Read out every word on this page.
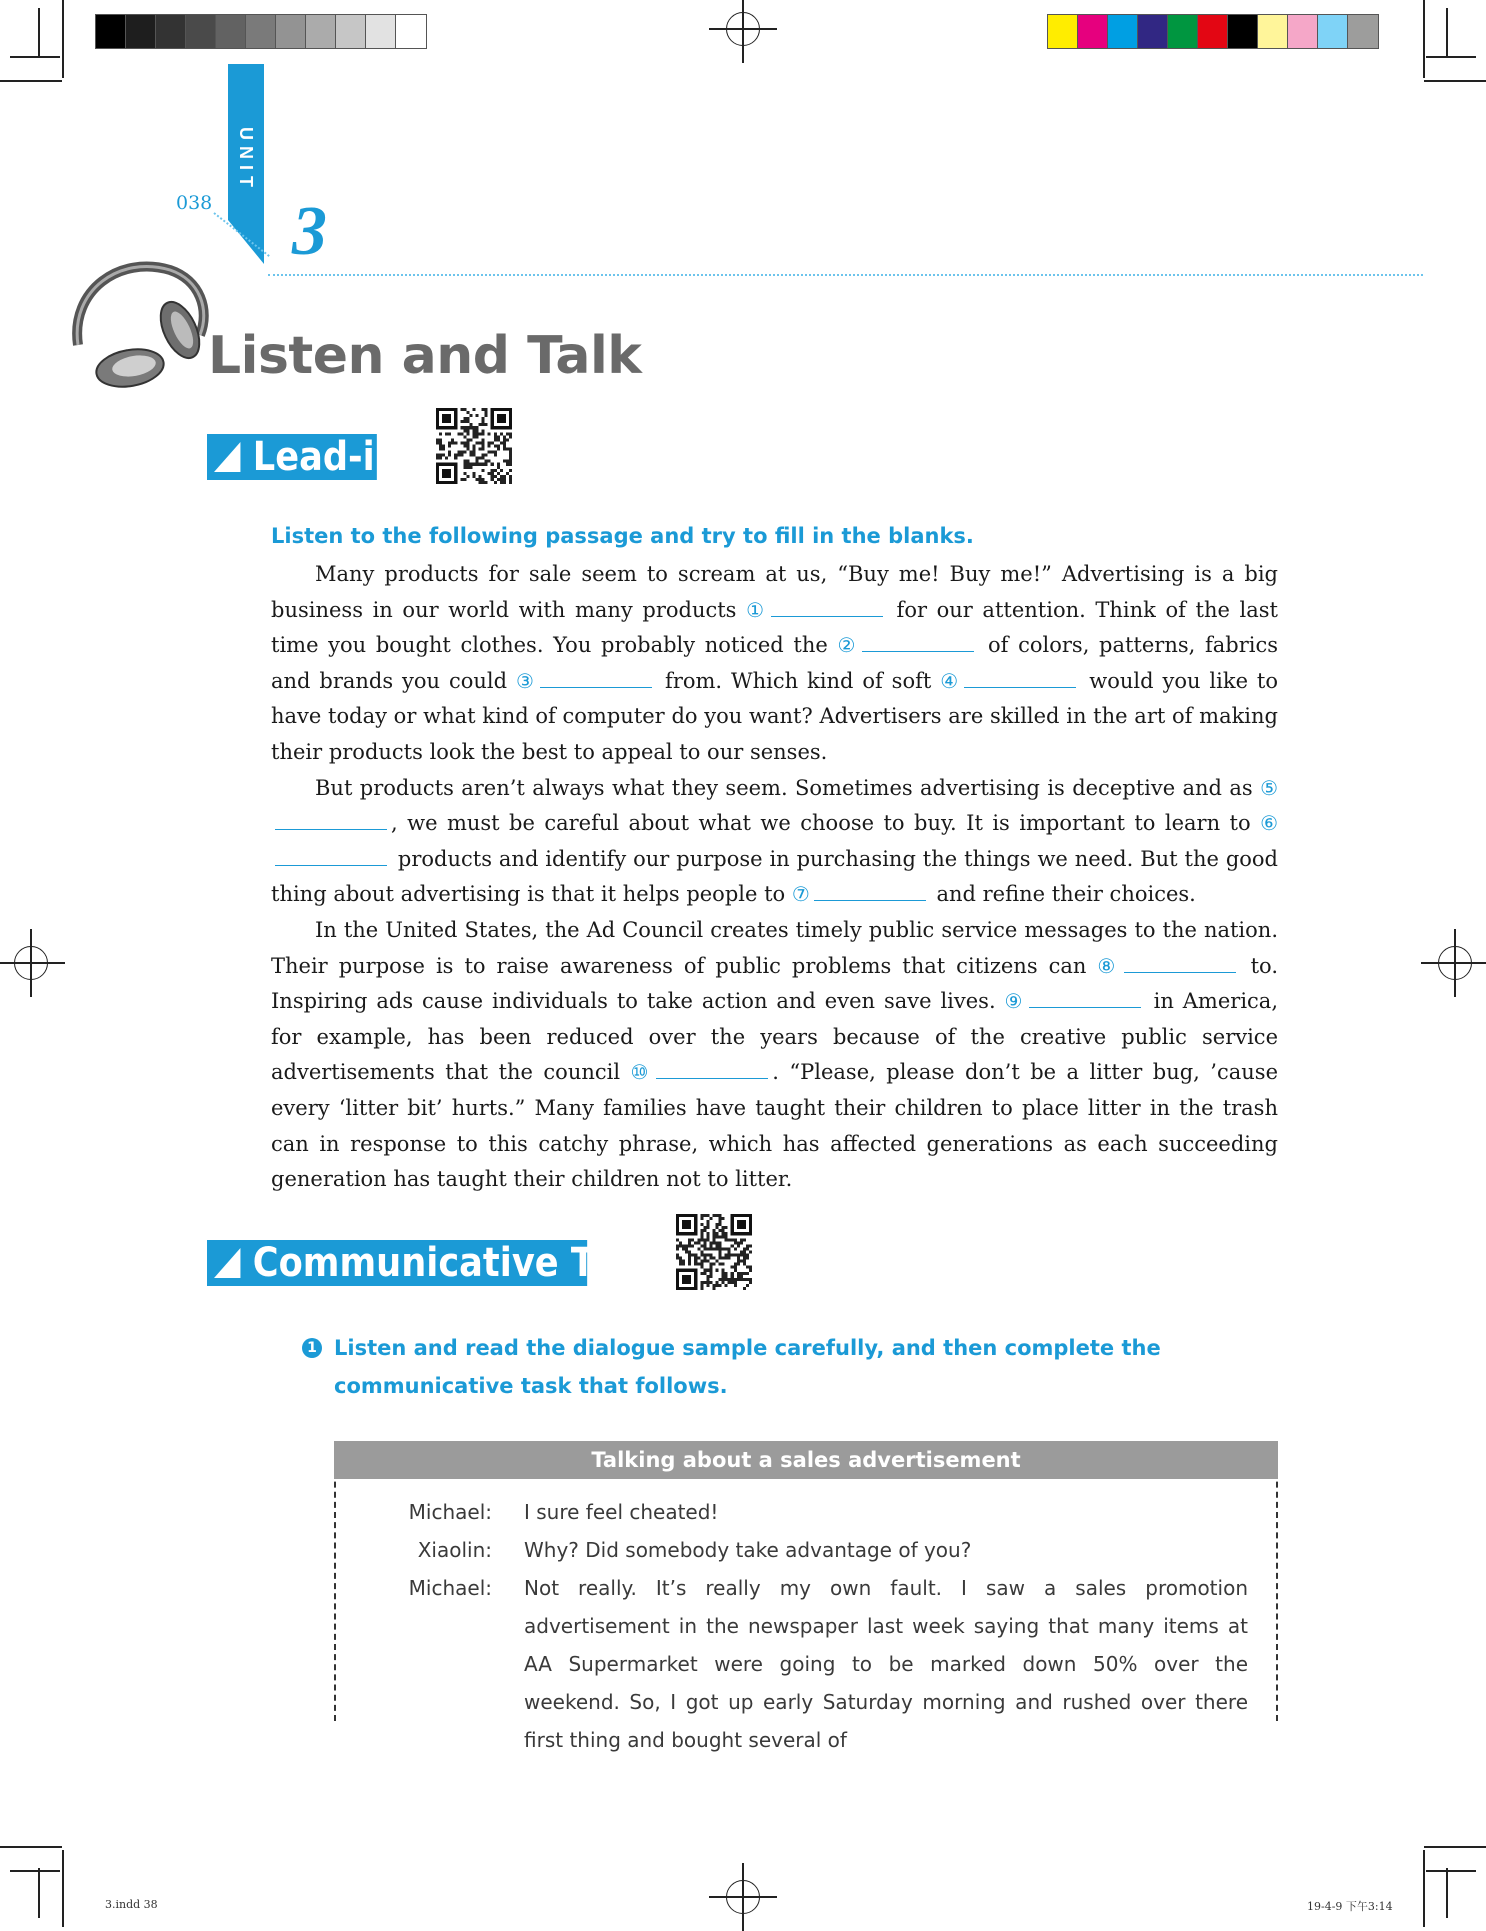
UNIT
038 3
Listen and Talk
Lead-in
Listen to the following passage and try to fill in the blanks.

Many products for sale seem to scream at us, “Buy me! Buy me!” Advertising is a big business in our world with many products ①	for our attention. Think of the last time you bought clothes. You probably noticed the ②	of colors, patterns, fabrics and brands you could ③	from. Which kind of soft ④	would you like to have today or what kind of computer do you want? Advertisers are skilled in the art of making their products look the best to appeal to our senses.

But products aren’t always what they seem. Sometimes advertising is deceptive and as ⑤, we must be careful about what we choose to buy. It is important to learn to ⑥ products and identify our purpose in purchasing the things we need. But the good thing about advertising is that it helps people to ⑦	and refine their choices.

In the United States, the Ad Council creates timely public service messages to the nation. Their purpose is to raise awareness of public problems that citizens can ⑧	to. Inspiring ads cause individuals to take action and even save lives. ⑨	in America, for example, has been reduced over the years because of the creative public service advertisements that the council ⑩	. “Please, please don’t be a litter bug, ’cause every ‘litter bit’ hurts.” Many families have taught their children to place litter in the trash can in response to this catchy phrase, which has affected generations as each succeeding generation has taught their children not to litter.

Communicative Task
1 Listen and read the dialogue sample carefully, and then complete the communicative task that follows.
Talking about a sales advertisement
Michael:	I sure feel cheated!
Xiaolin:	Why? Did somebody take advantage of you?
Michael:	Not really. It’s really my own fault. I saw a sales promotion advertisement in the newspaper last week saying that many items at AA Supermarket were going to be marked down 50% over the weekend. So, I got up early Saturday morning and rushed over there first thing and bought several of
3.indd 38	19-4-9 下午3:14
